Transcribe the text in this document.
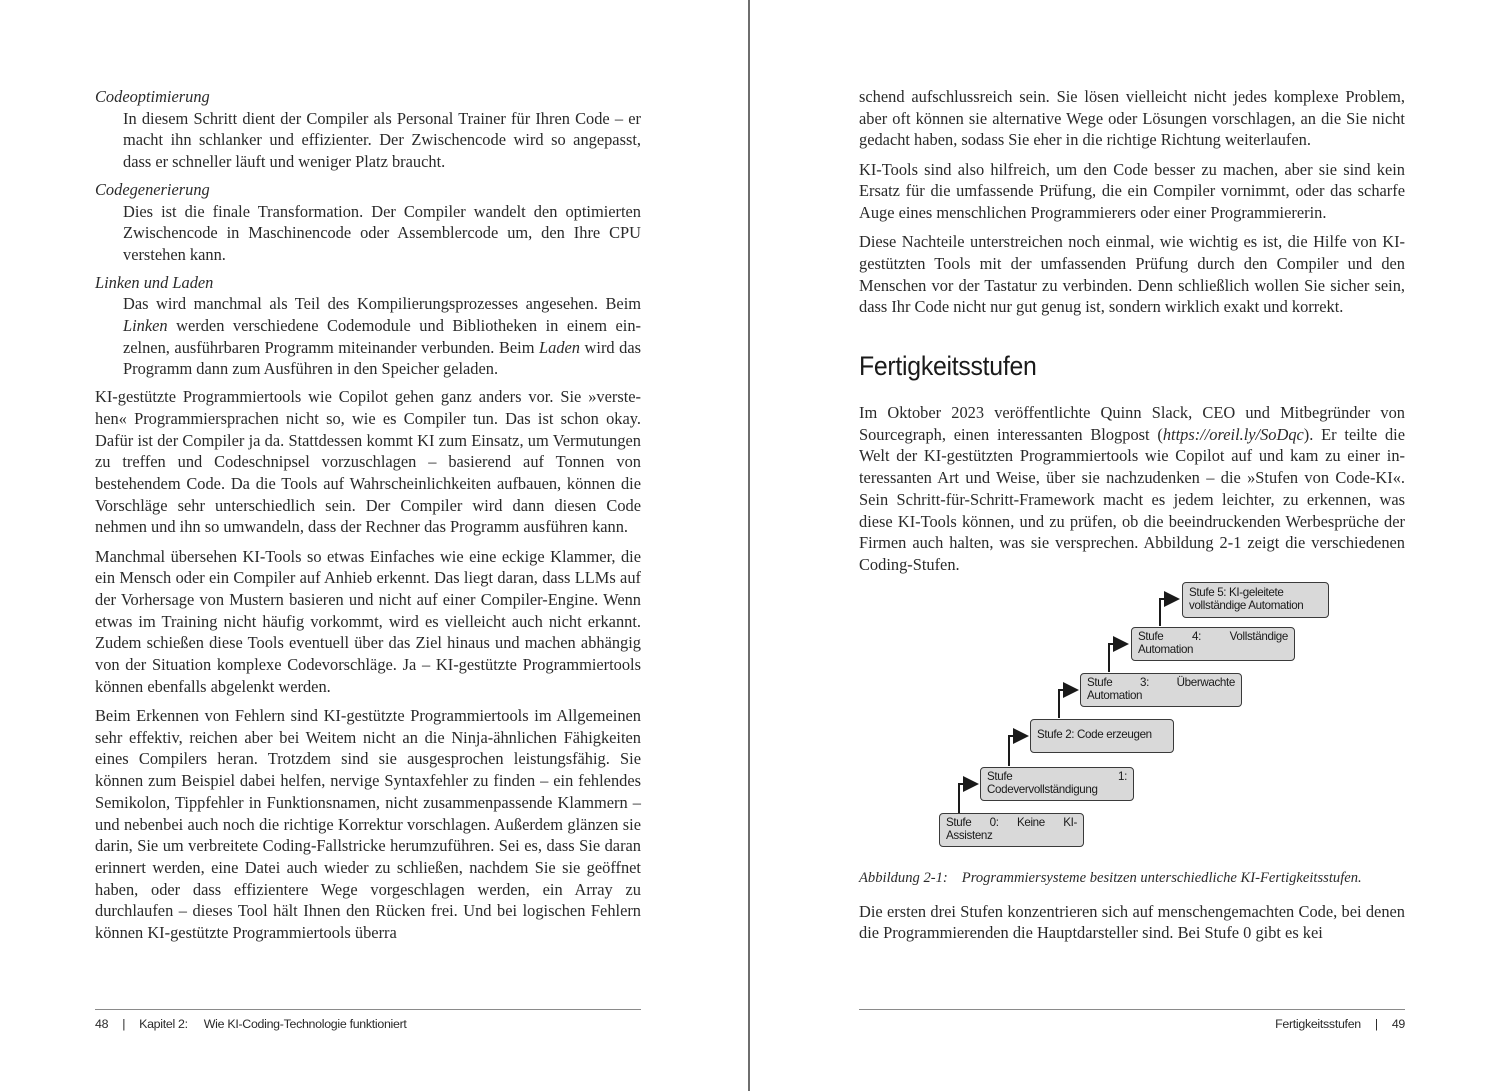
Codeoptimierung

In diesem Schritt dient der Compiler als Personal Trainer für Ihren Code – er macht ihn schlanker und effizienter. Der Zwischencode wird so angepasst, dass er schneller läuft und weniger Platz braucht.

Codegenerierung

Dies ist die finale Transformation. Der Compiler wandelt den optimierten Zwischencode in Maschinencode oder Assemblercode um, den Ihre CPU verstehen kann.

Linken und Laden

Das wird manchmal als Teil des Kompilierungsprozesses angesehen. Beim Linken werden verschiedene Codemodule und Bibliotheken in einem einzelnen, ausführbaren Programm miteinander verbunden. Beim Laden wird das Programm dann zum Ausführen in den Speicher geladen.

KI-gestützte Programmiertools wie Copilot gehen ganz anders vor. Sie »verstehen« Programmiersprachen nicht so, wie es Compiler tun. Das ist schon okay. Dafür ist der Compiler ja da. Stattdessen kommt KI zum Einsatz, um Vermutungen zu treffen und Codeschnipsel vorzuschlagen – basierend auf Tonnen von bestehendem Code. Da die Tools auf Wahrscheinlichkeiten aufbauen, können die Vorschläge sehr unterschiedlich sein. Der Compiler wird dann diesen Code nehmen und ihn so umwandeln, dass der Rechner das Programm ausführen kann.

Manchmal übersehen KI-Tools so etwas Einfaches wie eine eckige Klammer, die ein Mensch oder ein Compiler auf Anhieb erkennt. Das liegt daran, dass LLMs auf der Vorhersage von Mustern basieren und nicht auf einer Compiler-Engine. Wenn etwas im Training nicht häufig vorkommt, wird es vielleicht auch nicht erkannt. Zudem schießen diese Tools eventuell über das Ziel hinaus und machen abhängig von der Situation komplexe Codevorschläge. Ja – KI-gestützte Programmiertools können ebenfalls abgelenkt werden.

Beim Erkennen von Fehlern sind KI-gestützte Programmiertools im Allgemeinen sehr effektiv, reichen aber bei Weitem nicht an die Ninja-ähnlichen Fähigkeiten eines Compilers heran. Trotzdem sind sie ausgesprochen leistungsfähig. Sie können zum Beispiel dabei helfen, nervige Syntaxfehler zu finden – ein fehlendes Semikolon, Tippfehler in Funktionsnamen, nicht zusammenpassende Klammern – und nebenbei auch noch die richtige Korrektur vorschlagen. Außerdem glänzen sie darin, Sie um verbreitete Coding-Fallstricke herumzuführen. Sei es, dass Sie daran erinnert werden, eine Datei auch wieder zu schließen, nachdem Sie sie geöffnet haben, oder dass effizientere Wege vorgeschlagen werden, ein Array zu durchlaufen – dieses Tool hält Ihnen den Rücken frei. Und bei logischen Fehlern können KI-gestützte Programmiertools überra

48 | Kapitel 2: Wie KI-Coding-Technologie funktioniert

schend aufschlussreich sein. Sie lösen vielleicht nicht jedes komplexe Problem, aber oft können sie alternative Wege oder Lösungen vorschlagen, an die Sie nicht gedacht haben, sodass Sie eher in die richtige Richtung weiterlaufen.

KI-Tools sind also hilfreich, um den Code besser zu machen, aber sie sind kein Ersatz für die umfassende Prüfung, die ein Compiler vornimmt, oder das scharfe Auge eines menschlichen Programmierers oder einer Programmiererin.

Diese Nachteile unterstreichen noch einmal, wie wichtig es ist, die Hilfe von KI-gestützten Tools mit der umfassenden Prüfung durch den Compiler und den Menschen vor der Tastatur zu verbinden. Denn schließlich wollen Sie sicher sein, dass Ihr Code nicht nur gut genug ist, sondern wirklich exakt und korrekt.

Fertigkeitsstufen

Im Oktober 2023 veröffentlichte Quinn Slack, CEO und Mitbegründer von Sourcegraph, einen interessanten Blogpost (https://oreil.ly/SoDqc). Er teilte die Welt der KI-gestützten Programmiertools wie Copilot auf und kam zu einer interessanten Art und Weise, über sie nachzudenken – die »Stufen von Code-KI«. Sein Schritt-für-Schritt-Framework macht es jedem leichter, zu erkennen, was diese KI-Tools können, und zu prüfen, ob die beeindruckenden Werbesprüche der Firmen auch halten, was sie versprechen. Abbildung 2-1 zeigt die verschiedenen Coding-Stufen.

Stufe 0: Keine KI-Assistenz
Stufe 1: Codevervollständigung
Stufe 2: Code erzeugen
Stufe 3: Überwachte Automation
Stufe 4: Vollständige Automation
Stufe 5: KI-geleitete
vollständige Automation
Abbildung 2-1: Programmiersysteme besitzen unterschiedliche KI-Fertigkeitsstufen.

Die ersten drei Stufen konzentrieren sich auf menschengemachten Code, bei denen die Programmierenden die Hauptdarsteller sind. Bei Stufe 0 gibt es kei

Fertigkeitsstufen | 49
